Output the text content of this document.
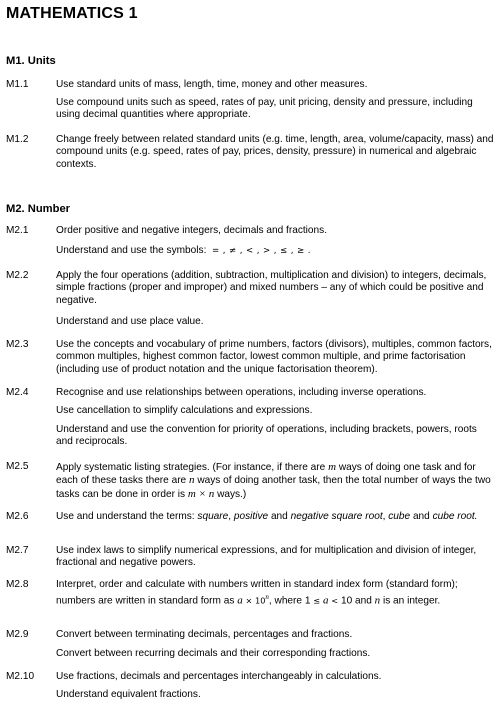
MATHEMATICS 1
M1. Units
M1.1	Use standard units of mass, length, time, money and other measures.
Use compound units such as speed, rates of pay, unit pricing, density and pressure, including using decimal quantities where appropriate.
M1.2	Change freely between related standard units (e.g. time, length, area, volume/capacity, mass) and compound units (e.g. speed, rates of pay, prices, density, pressure) in numerical and algebraic contexts.
M2. Number
M2.1	Order positive and negative integers, decimals and fractions.
Understand and use the symbols: = , ≠ , < , > , ≤ , ≥ .
M2.2	Apply the four operations (addition, subtraction, multiplication and division) to integers, decimals, simple fractions (proper and improper) and mixed numbers – any of which could be positive and negative.
Understand and use place value.
M2.3	Use the concepts and vocabulary of prime numbers, factors (divisors), multiples, common factors, common multiples, highest common factor, lowest common multiple, and prime factorisation (including use of product notation and the unique factorisation theorem).
M2.4	Recognise and use relationships between operations, including inverse operations.
Use cancellation to simplify calculations and expressions.
Understand and use the convention for priority of operations, including brackets, powers, roots and reciprocals.
M2.5	Apply systematic listing strategies. (For instance, if there are m ways of doing one task and for each of these tasks there are n ways of doing another task, then the total number of ways the two tasks can be done in order is m × n ways.)
M2.6	Use and understand the terms: square, positive and negative square root, cube and cube root.
M2.7	Use index laws to simplify numerical expressions, and for multiplication and division of integer, fractional and negative powers.
M2.8	Interpret, order and calculate with numbers written in standard index form (standard form); numbers are written in standard form as $a \times 10^n$, where 1 ≤ a < 10 and n is an integer.
M2.9	Convert between terminating decimals, percentages and fractions.
Convert between recurring decimals and their corresponding fractions.
M2.10 Use fractions, decimals and percentages interchangeably in calculations.
Understand equivalent fractions.
